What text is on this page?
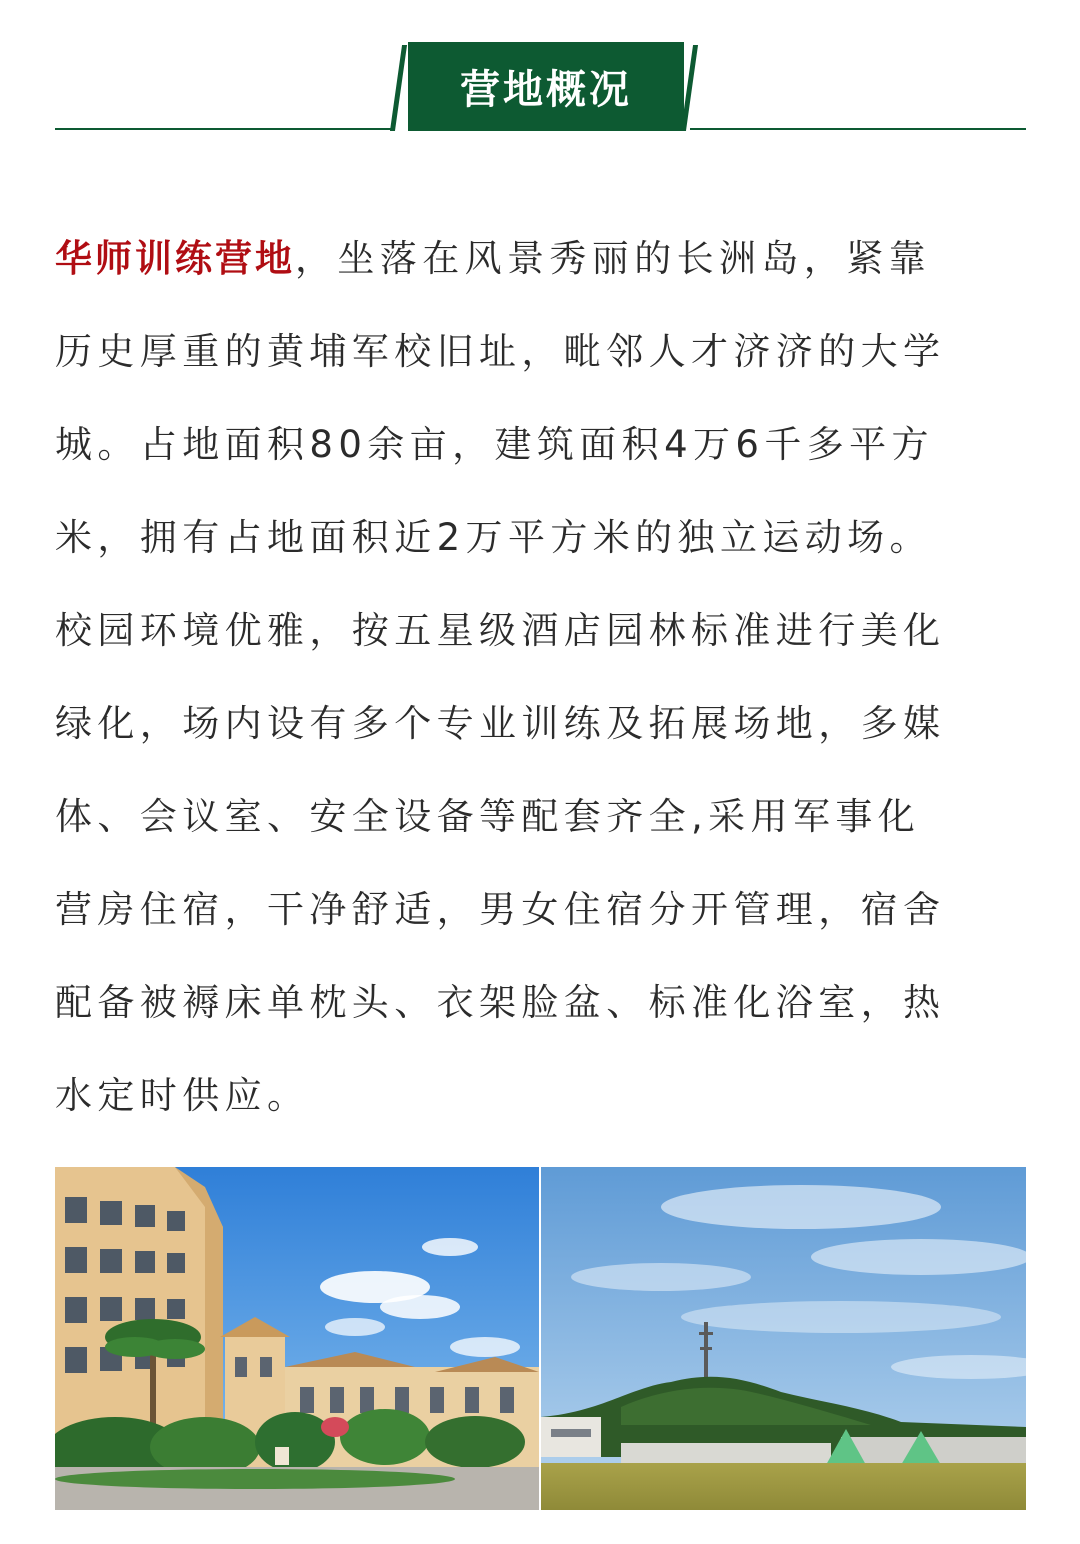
营地概况
华师训练营地，坐落在风景秀丽的长洲岛，紧靠
历史厚重的黄埔军校旧址，毗邻人才济济的大学
城。占地面积80余亩，建筑面积4万6千多平方
米，拥有占地面积近2万平方米的独立运动场。
校园环境优雅，按五星级酒店园林标准进行美化
绿化，场内设有多个专业训练及拓展场地，多媒
体、会议室、安全设备等配套齐全,采用军事化
营房住宿，干净舒适，男女住宿分开管理，宿舍
配备被褥床单枕头、衣架脸盆、标准化浴室，热
水定时供应。
